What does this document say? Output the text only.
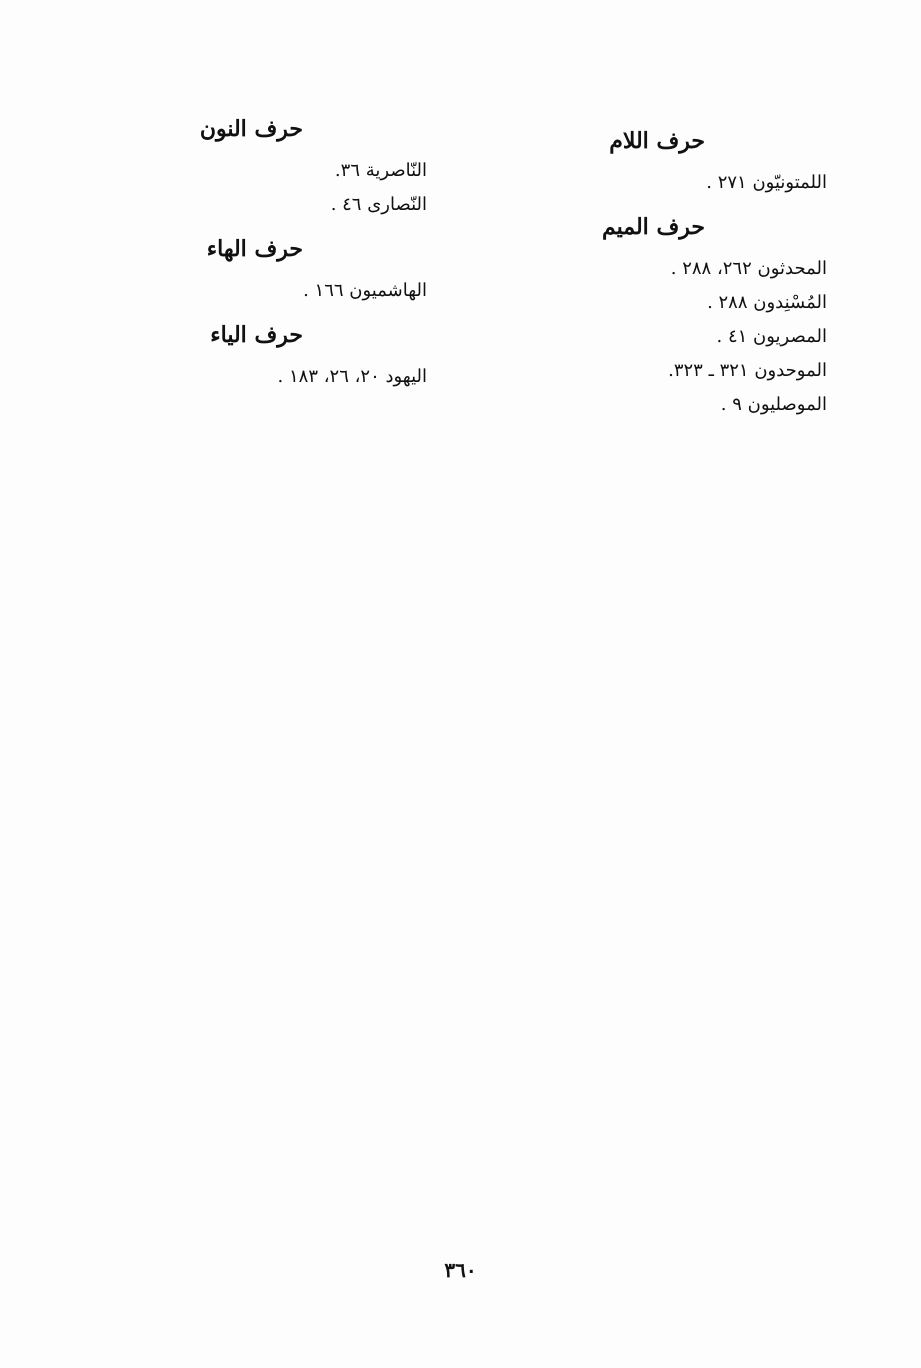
حرف اللام
اللمتونيّون ٢٧١ .
حرف الميم
المحدثون ٢٦٢، ٢٨٨ .
المُسْنِدون ٢٨٨ .
المصريون ٤١ .
الموحدون ٣٢١ ـ ٣٢٣.
الموصليون ٩ .
حرف النون
النّاصرية ٣٦.
النّصارى ٤٦ .
حرف الهاء
الهاشميون ١٦٦ .
حرف الياء
اليهود ٢٠، ٢٦، ١٨٣ .
٣٦٠
